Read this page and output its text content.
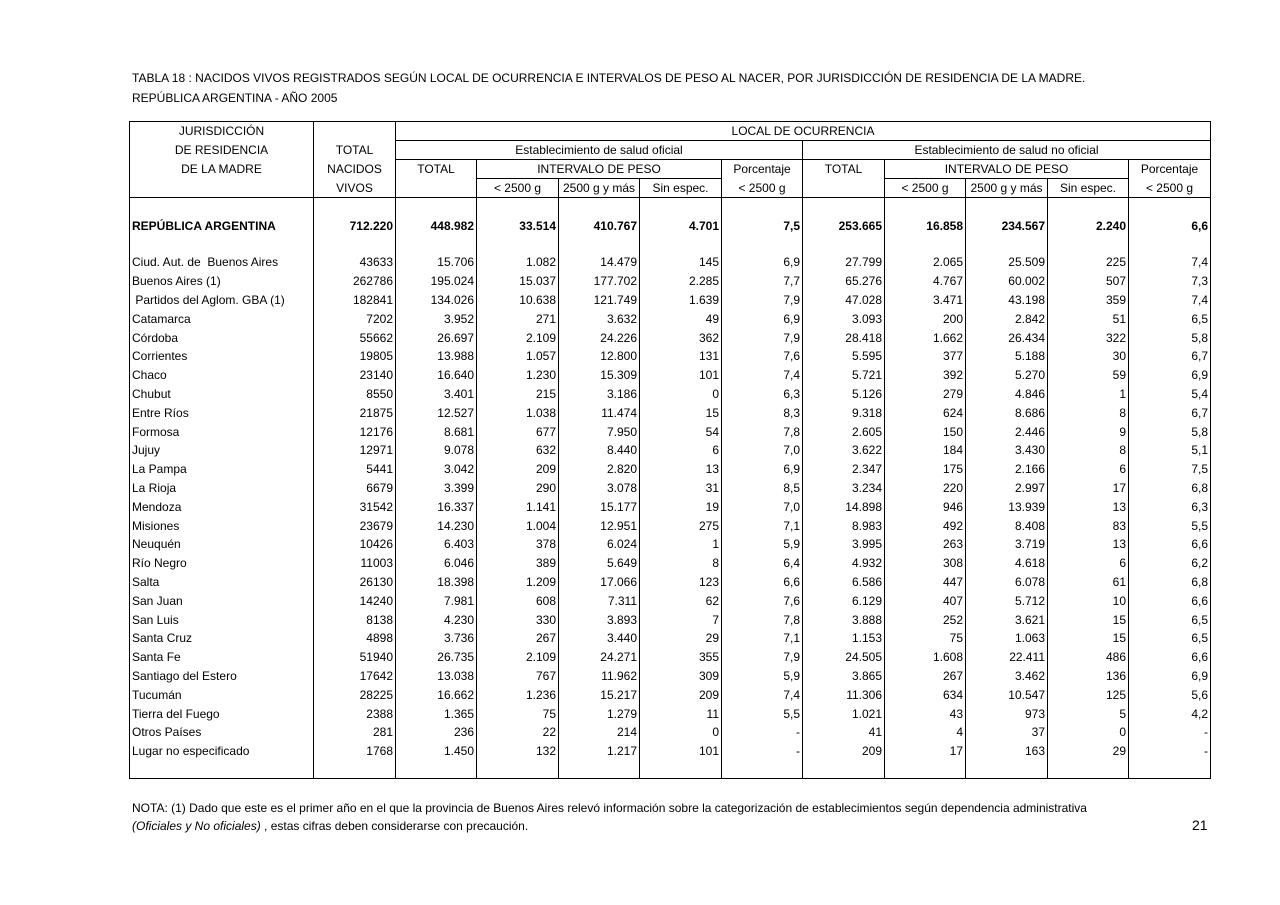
TABLA 18 : NACIDOS VIVOS REGISTRADOS SEGÚN LOCAL DE OCURRENCIA E INTERVALOS DE PESO AL NACER, POR JURISDICCIÓN DE RESIDENCIA DE LA MADRE.
REPÚBLICA ARGENTINA - AÑO 2005
JURISDICCIÓN		LOCAL DE OCURRENCIA									
DE RESIDENCIA	TOTAL	Establecimiento de salud oficial					Establecimiento de salud no oficial				
DE LA MADRE	NACIDOS	TOTAL	INTERVALO DE PESO			Porcentaje	TOTAL	INTERVALO DE PESO			Porcentaje
	VIVOS		< 2500 g	2500 g y más	Sin espec.	< 2500 g		< 2500 g	2500 g y más	Sin espec.	< 2500 g

REPÚBLICA ARGENTINA	712.220	448.982	33.514	410.767	4.701	7,5	253.665	16.858	234.567	2.240	6,6

Ciud. Aut. de  Buenos Aires	43633	15.706	1.082	14.479	145	6,9	27.799	2.065	25.509	225	7,4
Buenos Aires (1)	262786	195.024	15.037	177.702	2.285	7,7	65.276	4.767	60.002	507	7,3
Partidos del Aglom. GBA (1)	182841	134.026	10.638	121.749	1.639	7,9	47.028	3.471	43.198	359	7,4
Catamarca	7202	3.952	271	3.632	49	6,9	3.093	200	2.842	51	6,5
Córdoba	55662	26.697	2.109	24.226	362	7,9	28.418	1.662	26.434	322	5,8
Corrientes	19805	13.988	1.057	12.800	131	7,6	5.595	377	5.188	30	6,7
Chaco	23140	16.640	1.230	15.309	101	7,4	5.721	392	5.270	59	6,9
Chubut	8550	3.401	215	3.186	0	6,3	5.126	279	4.846	1	5,4
Entre Ríos	21875	12.527	1.038	11.474	15	8,3	9.318	624	8.686	8	6,7
Formosa	12176	8.681	677	7.950	54	7,8	2.605	150	2.446	9	5,8
Jujuy	12971	9.078	632	8.440	6	7,0	3.622	184	3.430	8	5,1
La Pampa	5441	3.042	209	2.820	13	6,9	2.347	175	2.166	6	7,5
La Rioja	6679	3.399	290	3.078	31	8,5	3.234	220	2.997	17	6,8
Mendoza	31542	16.337	1.141	15.177	19	7,0	14.898	946	13.939	13	6,3
Misiones	23679	14.230	1.004	12.951	275	7,1	8.983	492	8.408	83	5,5
Neuquén	10426	6.403	378	6.024	1	5,9	3.995	263	3.719	13	6,6
Río Negro	11003	6.046	389	5.649	8	6,4	4.932	308	4.618	6	6,2
Salta	26130	18.398	1.209	17.066	123	6,6	6.586	447	6.078	61	6,8
San Juan	14240	7.981	608	7.311	62	7,6	6.129	407	5.712	10	6,6
San Luis	8138	4.230	330	3.893	7	7,8	3.888	252	3.621	15	6,5
Santa Cruz	4898	3.736	267	3.440	29	7,1	1.153	75	1.063	15	6,5
Santa Fe	51940	26.735	2.109	24.271	355	7,9	24.505	1.608	22.411	486	6,6
Santiago del Estero	17642	13.038	767	11.962	309	5,9	3.865	267	3.462	136	6,9
Tucumán	28225	16.662	1.236	15.217	209	7,4	11.306	634	10.547	125	5,6
Tierra del Fuego	2388	1.365	75	1.279	11	5,5	1.021	43	973	5	4,2
Otros Países	281	236	22	214	0	-	41	4	37	0	-
Lugar no especificado	1768	1.450	132	1.217	101	-	209	17	163	29	-

NOTA: (1) Dado que este es el primer año en el que la provincia de Buenos Aires relevó información sobre la categorización de establecimientos según dependencia administrativa
(Oficiales y No oficiales) , estas cifras deben considerarse con precaución.	21
